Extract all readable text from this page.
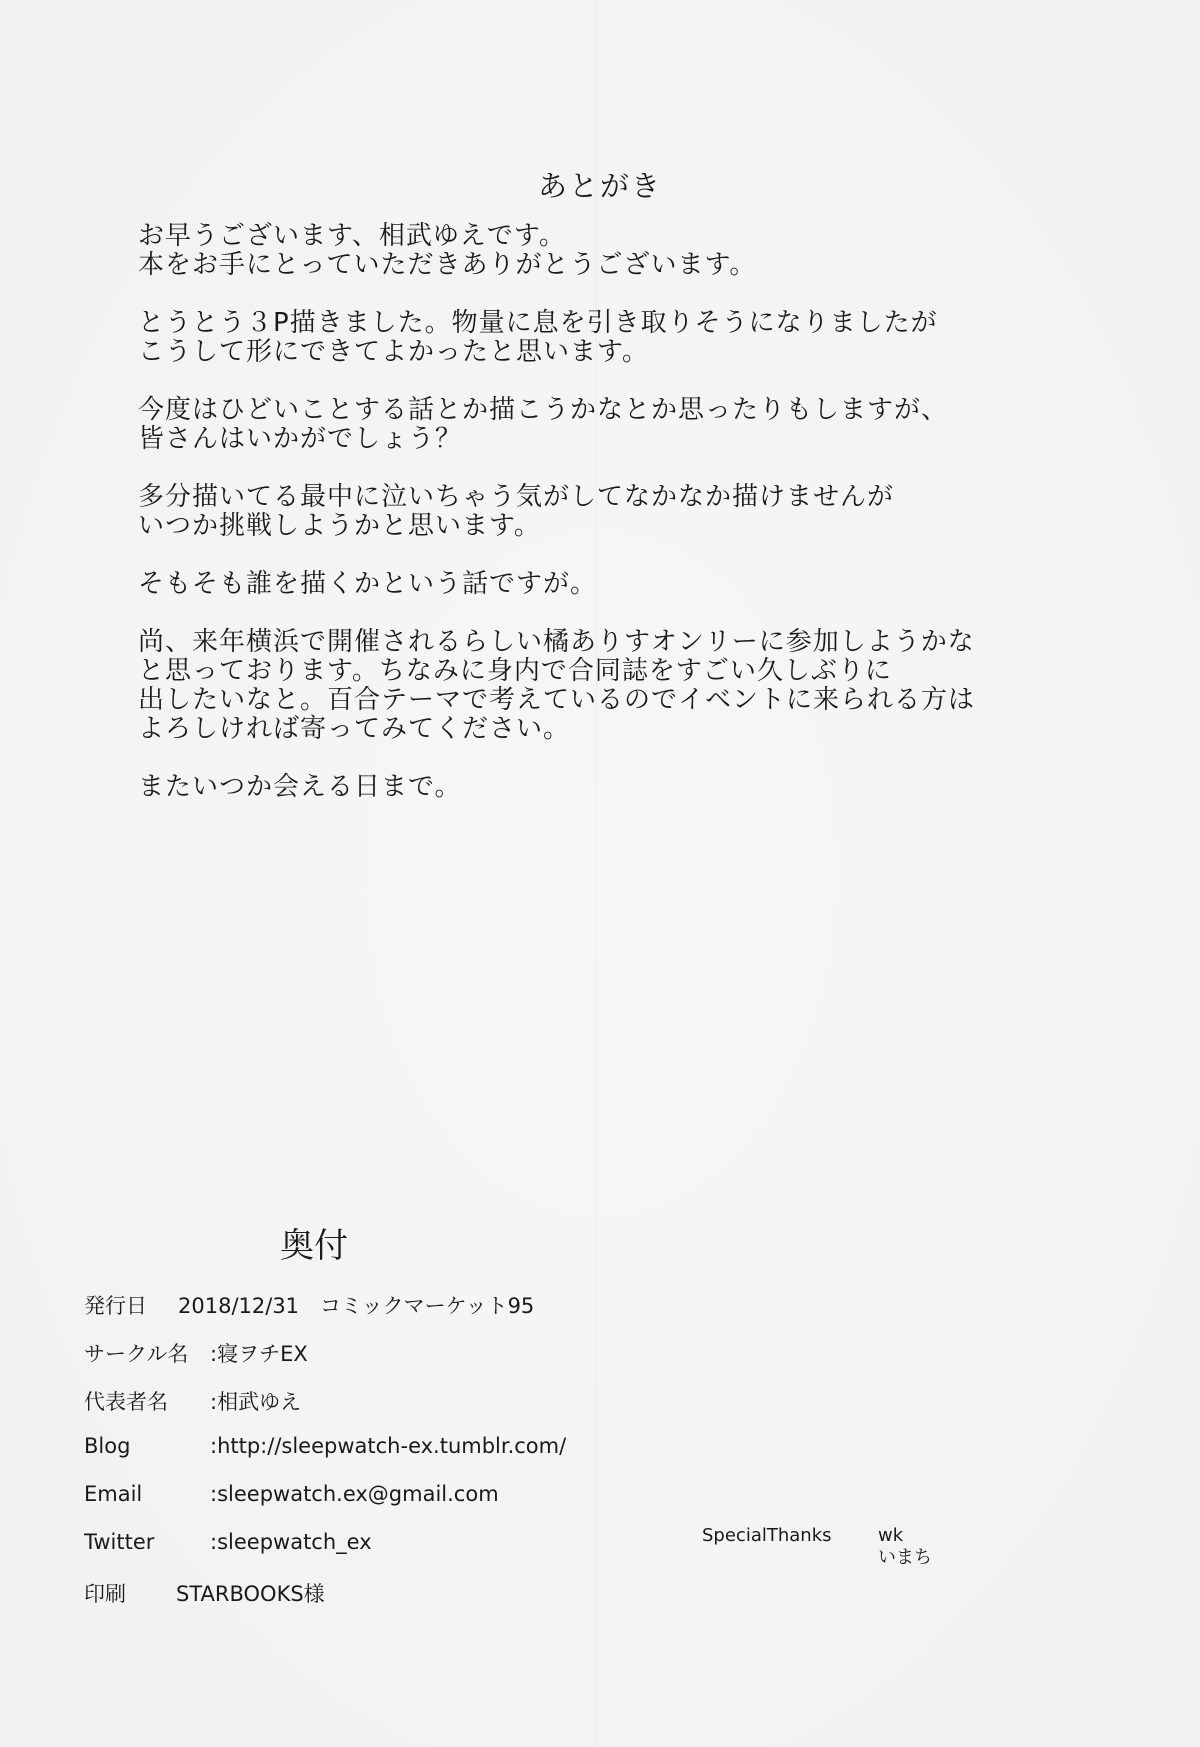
あとがき

お早うございます、相武ゆえです。
本をお手にとっていただきありがとうございます。

とうとう３P描きました。物量に息を引き取りそうになりましたが
こうして形にできてよかったと思います。

今度はひどいことする話とか描こうかなとか思ったりもしますが、
皆さんはいかがでしょう？

多分描いてる最中に泣いちゃう気がしてなかなか描けませんが
いつか挑戦しようかと思います。

そもそも誰を描くかという話ですが。

尚、来年横浜で開催されるらしい橘ありすオンリーに参加しようかな
と思っております。ちなみに身内で合同誌をすごい久しぶりに
出したいなと。百合テーマで考えているのでイベントに来られる方は
よろしければ寄ってみてください。

またいつか会える日まで。

奥付
発行日 2018/12/31　コミックマーケット95
サークル名 :寝ヲチEX
代表者名 :相武ゆえ
Blog	:http://sleepwatch-ex.tumblr.com/
Email	:sleepwatch.ex@gmail.com
Twitter	:sleepwatch_ex
印刷 STARBOOKS様
SpecialThanks	wk
いまち
